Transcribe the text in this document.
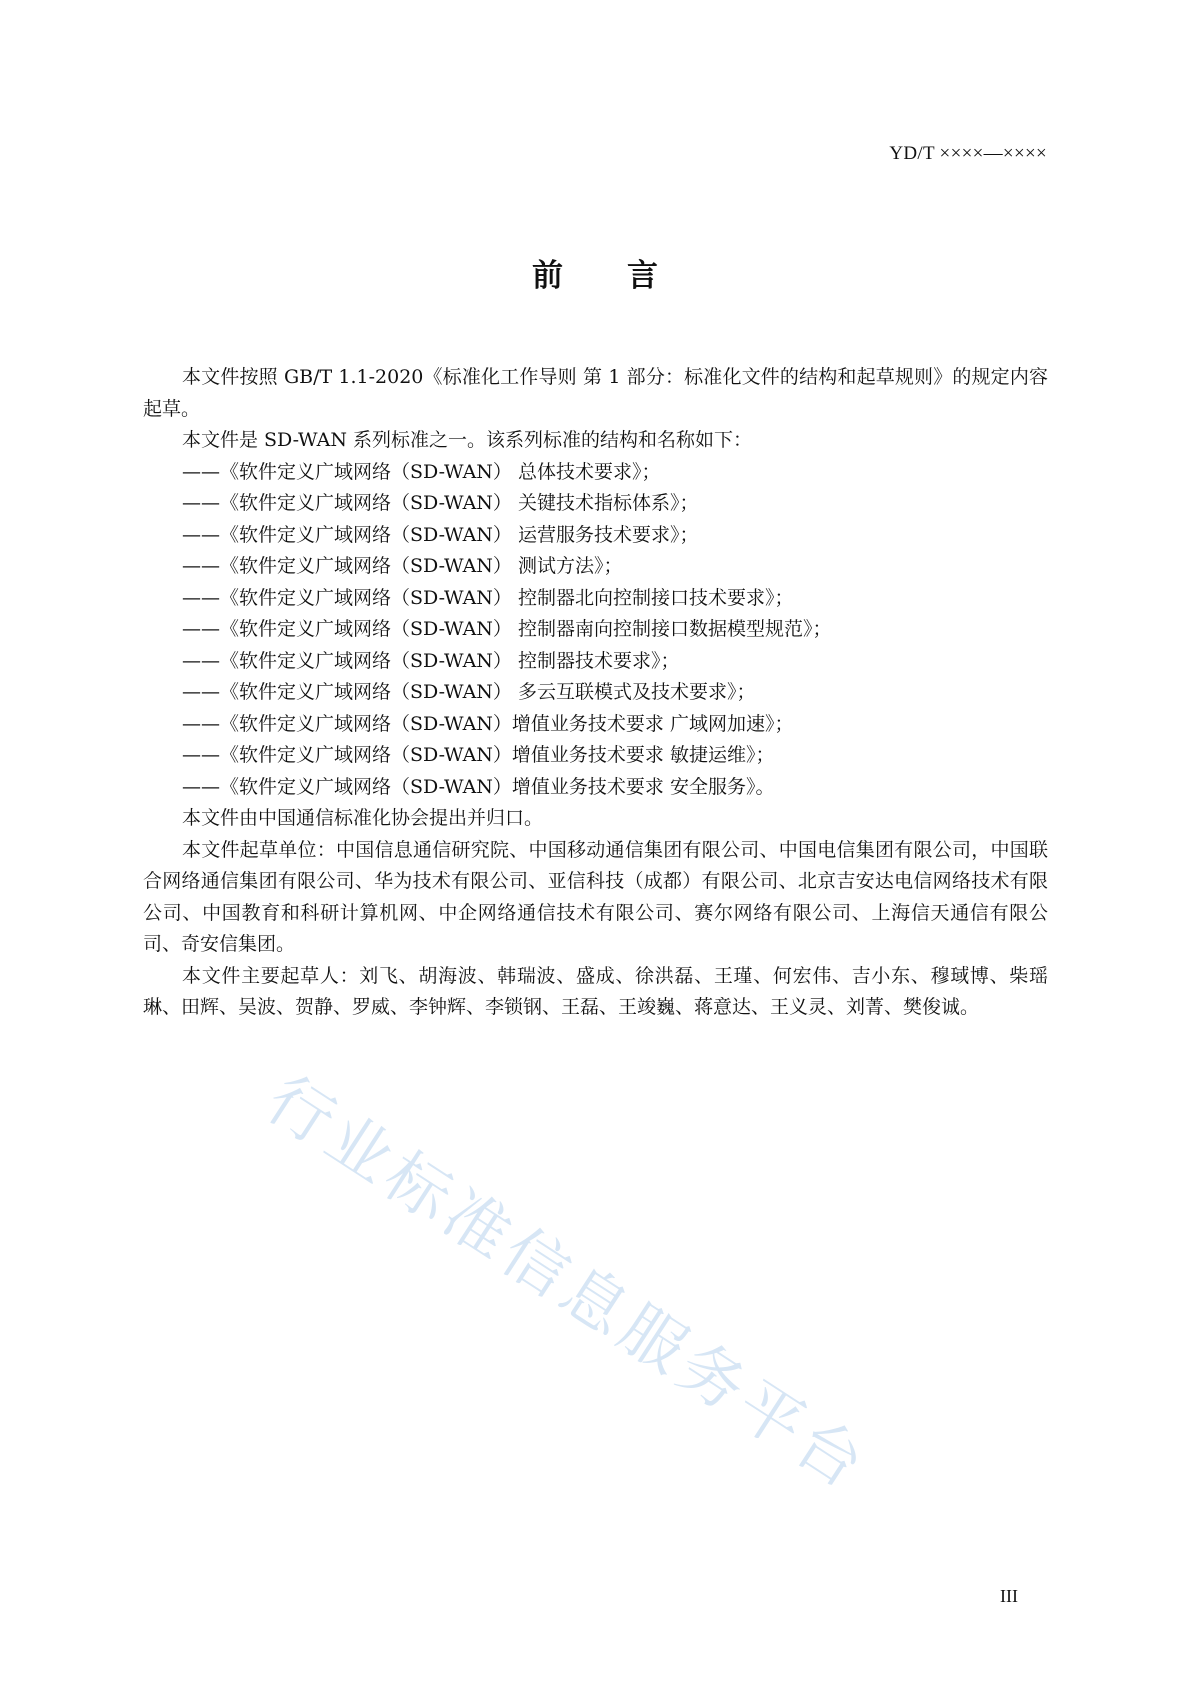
YD/T ××××—××××
前言

本文件按照 GB/T 1.1-2020《标准化工作导则 第 1 部分：标准化文件的结构和起草规则》的规定内容起草。

本文件是 SD-WAN 系列标准之一。该系列标准的结构和名称如下：

——《软件定义广域网络（SD-WAN） 总体技术要求》；
——《软件定义广域网络（SD-WAN） 关键技术指标体系》；
——《软件定义广域网络（SD-WAN） 运营服务技术要求》；
——《软件定义广域网络（SD-WAN） 测试方法》；
——《软件定义广域网络（SD-WAN） 控制器北向控制接口技术要求》；
——《软件定义广域网络（SD-WAN） 控制器南向控制接口数据模型规范》；
——《软件定义广域网络（SD-WAN） 控制器技术要求》；
——《软件定义广域网络（SD-WAN） 多云互联模式及技术要求》；
——《软件定义广域网络（SD-WAN）增值业务技术要求 广域网加速》；
——《软件定义广域网络（SD-WAN）增值业务技术要求 敏捷运维》；
——《软件定义广域网络（SD-WAN）增值业务技术要求 安全服务》。

本文件由中国通信标准化协会提出并归口。

本文件起草单位：中国信息通信研究院、中国移动通信集团有限公司、中国电信集团有限公司，中国联合网络通信集团有限公司、华为技术有限公司、亚信科技（成都）有限公司、北京吉安达电信网络技术有限公司、中国教育和科研计算机网、中企网络通信技术有限公司、赛尔网络有限公司、上海信天通信有限公司、奇安信集团。

本文件主要起草人：刘飞、胡海波、韩瑞波、盛成、徐洪磊、王瑾、何宏伟、吉小东、穆琙博、柴瑶琳、田辉、吴波、贺静、罗威、李钟辉、李锁钢、王磊、王竣巍、蒋意达、王义灵、刘菁、樊俊诚。

行业标准信息服务平台
III
